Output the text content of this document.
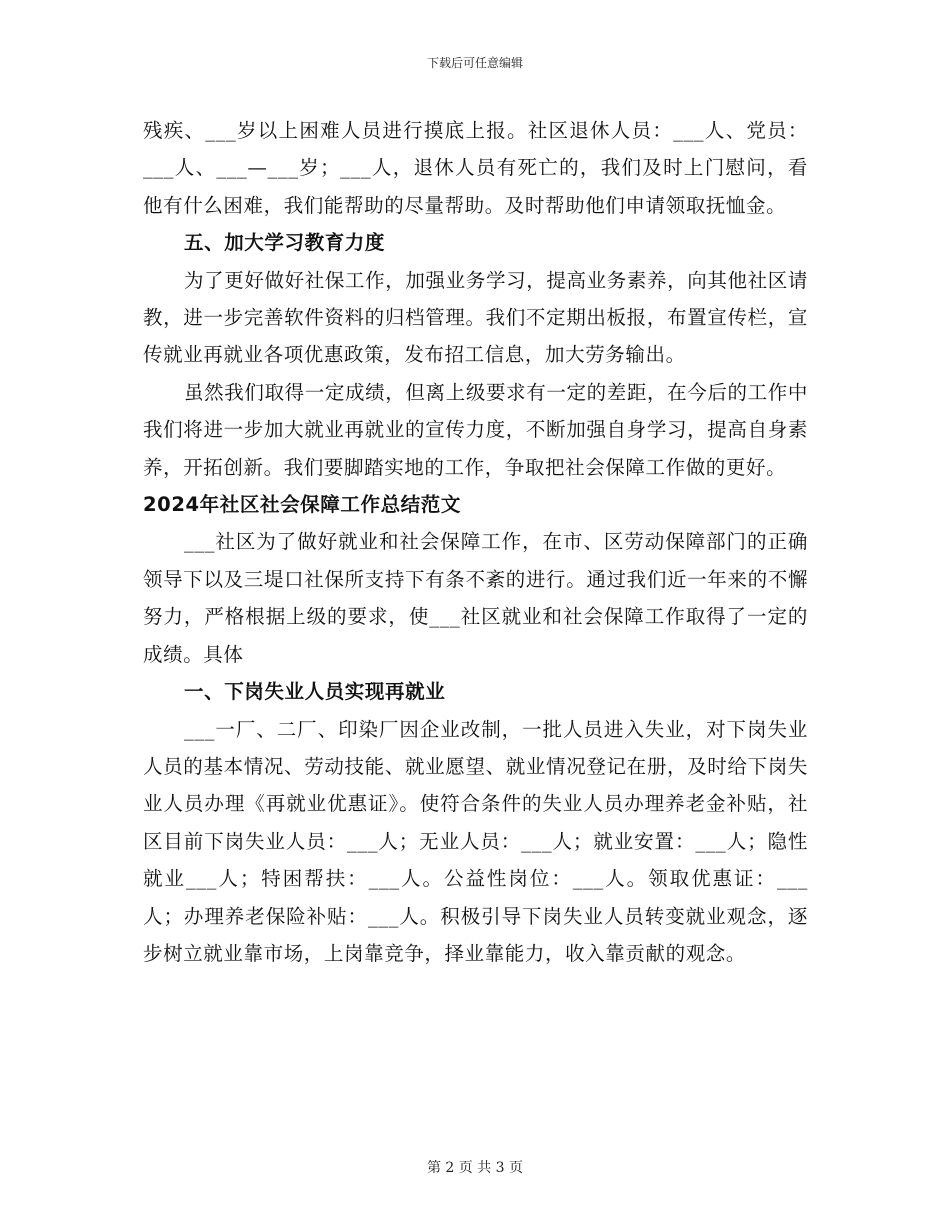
下载后可任意编辑

残疾、___岁以上困难人员进行摸底上报。社区退休人员：___人、党员：___人、___—___岁；___人，退休人员有死亡的，我们及时上门慰问，看他有什么困难，我们能帮助的尽量帮助。及时帮助他们申请领取抚恤金。

五、加大学习教育力度

为了更好做好社保工作，加强业务学习，提高业务素养，向其他社区请教，进一步完善软件资料的归档管理。我们不定期出板报，布置宣传栏，宣传就业再就业各项优惠政策，发布招工信息，加大劳务输出。

虽然我们取得一定成绩，但离上级要求有一定的差距，在今后的工作中我们将进一步加大就业再就业的宣传力度，不断加强自身学习，提高自身素养，开拓创新。我们要脚踏实地的工作，争取把社会保障工作做的更好。

2024年社区社会保障工作总结范文

___社区为了做好就业和社会保障工作，在市、区劳动保障部门的正确领导下以及三堤口社保所支持下有条不紊的进行。通过我们近一年来的不懈努力，严格根据上级的要求，使___社区就业和社会保障工作取得了一定的成绩。具体

一、下岗失业人员实现再就业

___一厂、二厂、印染厂因企业改制，一批人员进入失业，对下岗失业人员的基本情况、劳动技能、就业愿望、就业情况登记在册，及时给下岗失业人员办理《再就业优惠证》。使符合条件的失业人员办理养老金补贴，社区目前下岗失业人员：___人；无业人员：___人；就业安置：___人；隐性就业___人；特困帮扶：___人。公益性岗位：___人。领取优惠证：___人；办理养老保险补贴：___人。积极引导下岗失业人员转变就业观念，逐步树立就业靠市场，上岗靠竞争，择业靠能力，收入靠贡献的观念。

第 2 页 共 3 页
